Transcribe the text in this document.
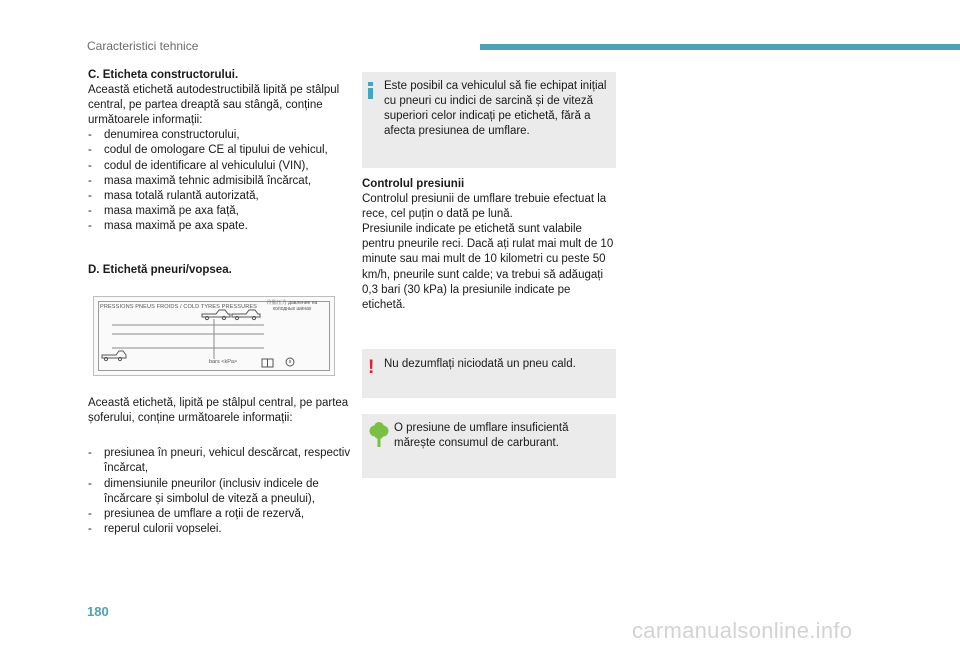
Caracteristici tehnice
C. Eticheta constructorului.
Această etichetă autodestructibilă lipită pe stâlpul central, pe partea dreaptă sau stângă, conține următoarele informații:
- denumirea constructorului,
- codul de omologare CE al tipului de vehicul,
- codul de identificare al vehiculului (VIN),
- masa maximă tehnic admisibilă încărcat,
- masa totală rulantă autorizată,
- masa maximă pe axa față,
- masa maximă pe axa spate.
D. Etichetă pneuri/vopsea.
PRESSIONS PNEUS FROIDS / COLD TYRES PRESSURES
冷胎压力 давление на холодных шинах
bars <kPa>
Această etichetă, lipită pe stâlpul central, pe partea șoferului, conține următoarele informații:
- presiunea în pneuri, vehicul descărcat, respectiv încărcat,
- dimensiunile pneurilor (inclusiv indicele de încărcare și simbolul de viteză a pneului),
- presiunea de umflare a roții de rezervă,
- reperul culorii vopselei.
Este posibil ca vehiculul să fie echipat inițial cu pneuri cu indici de sarcină și de viteză superiori celor indicați pe etichetă, fără a afecta presiunea de umflare.
Controlul presiunii
Controlul presiunii de umflare trebuie efectuat la rece, cel puțin o dată pe lună.
Presiunile indicate pe etichetă sunt valabile pentru pneurile reci. Dacă ați rulat mai mult de 10 minute sau mai mult de 10 kilometri cu peste 50 km/h, pneurile sunt calde; va trebui să adăugați 0,3 bari (30 kPa) la presiunile indicate pe etichetă.
! Nu dezumflați niciodată un pneu cald.
O presiune de umflare insuficientă mărește consumul de carburant.
180
carmanualsonline.info
